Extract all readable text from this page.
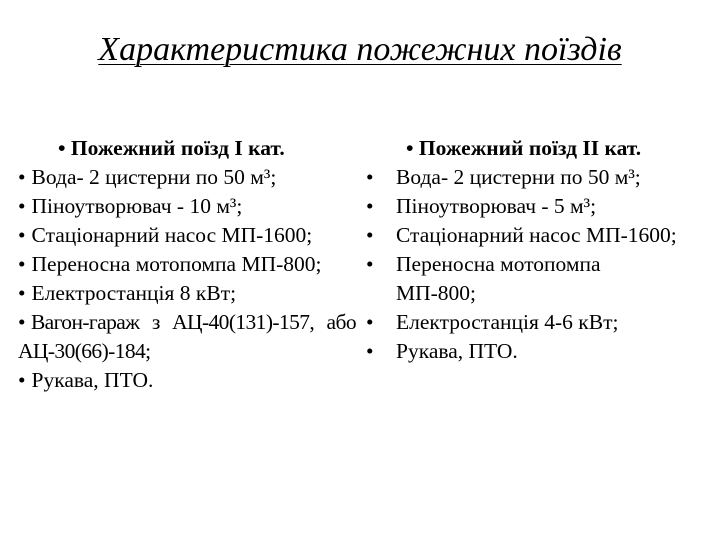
Характеристика пожежних поїздів
• Пожежний поїзд I кат.
• Вода- 2 цистерни по 50 м³;
• Піноутворювач - 10 м³;
• Стаціонарний насос МП-1600;
• Переносна мотопомпа МП-800;
• Електростанція 8 кВт;
• Вагон-гараж з АЦ-40(131)-157, або АЦ-30(66)-184;
• Рукава, ПТО.
• Пожежний поїзд II кат.
•	Вода- 2 цистерни по 50 м³;
•	Піноутворювач - 5 м³;
•	Стаціонарний насос МП-1600;
•	Переносна мотопомпа МП-800;
•	Електростанція 4-6 кВт;
•	Рукава, ПТО.
